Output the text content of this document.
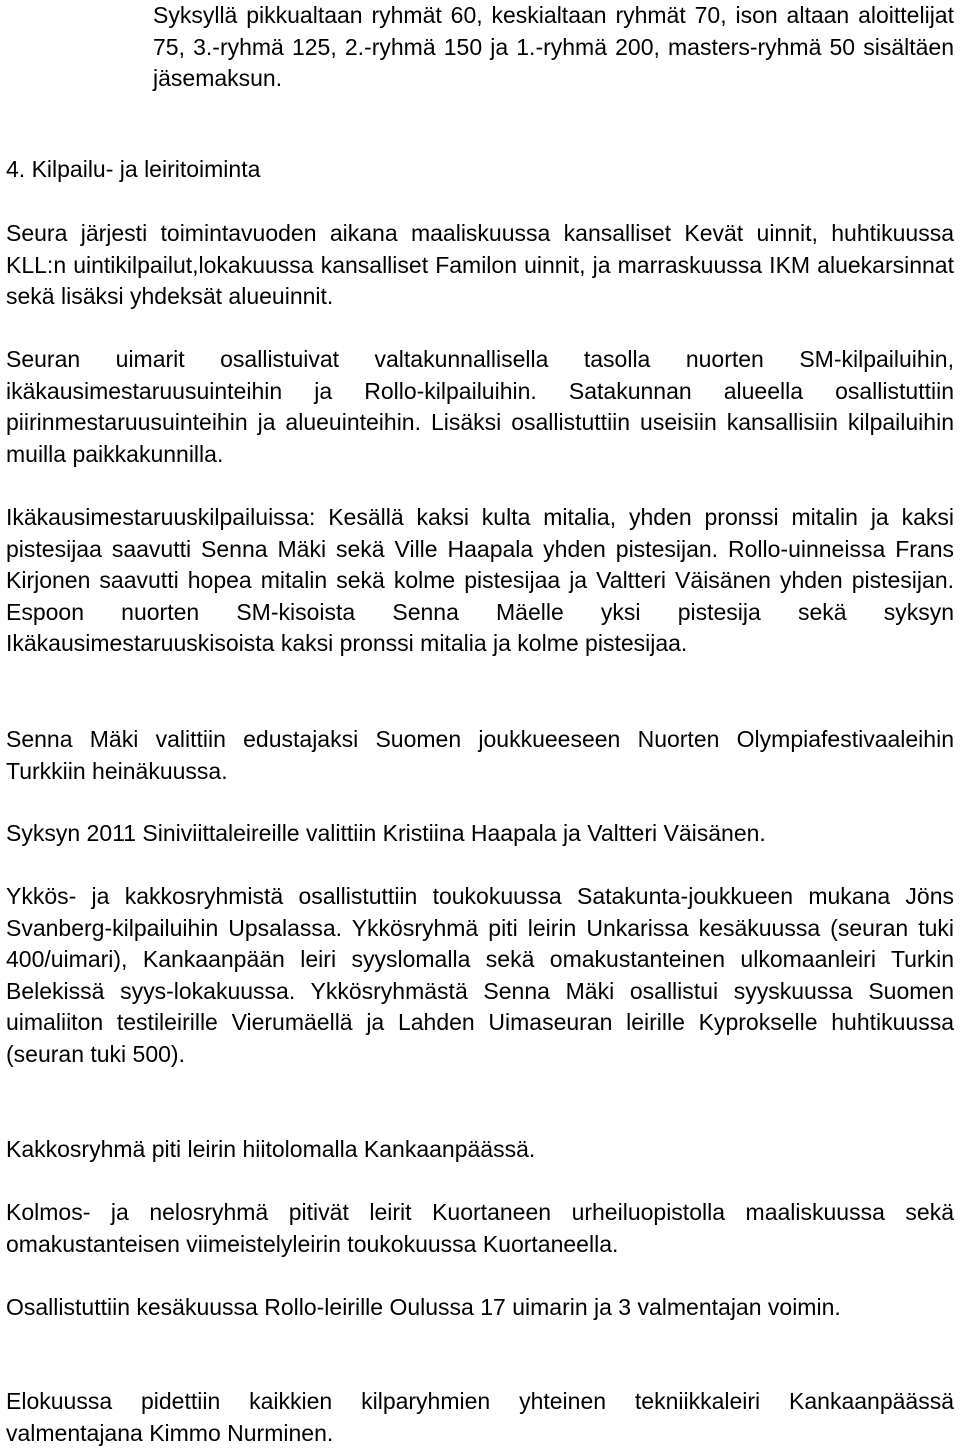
Syksyllä pikkualtaan ryhmät 60, keskialtaan ryhmät 70, ison altaan aloittelijat 75, 3.-ryhmä 125, 2.-ryhmä 150 ja 1.-ryhmä 200, masters-ryhmä 50 sisältäen jäsemaksun.

4. Kilpailu- ja leiritoiminta

Seura järjesti toimintavuoden aikana maaliskuussa kansalliset Kevät uinnit, huhtikuussa KLL:n uintikilpailut,lokakuussa kansalliset Familon uinnit, ja marraskuussa IKM aluekarsinnat sekä lisäksi yhdeksät alueuinnit.

Seuran uimarit osallistuivat valtakunnallisella tasolla nuorten SM-kilpailuihin, ikäkausimestaruusuinteihin ja Rollo-kilpailuihin. Satakunnan alueella osallistuttiin piirinmestaruusuinteihin ja alueuinteihin. Lisäksi osallistuttiin useisiin kansallisiin kilpailuihin muilla paikkakunnilla.

Ikäkausimestaruuskilpailuissa: Kesällä kaksi kulta mitalia, yhden pronssi mitalin ja kaksi pistesijaa saavutti Senna Mäki sekä Ville Haapala yhden pistesijan. Rollo-uinneissa Frans Kirjonen saavutti hopea mitalin sekä kolme pistesijaa ja Valtteri Väisänen yhden pistesijan. Espoon nuorten SM-kisoista Senna Mäelle yksi pistesija sekä syksyn Ikäkausimestaruuskisoista kaksi pronssi mitalia ja kolme pistesijaa.

Senna Mäki valittiin edustajaksi Suomen joukkueeseen Nuorten Olympiafestivaaleihin Turkkiin heinäkuussa.

Syksyn 2011 Siniviittaleireille valittiin Kristiina Haapala ja Valtteri Väisänen.

Ykkös- ja kakkosryhmistä osallistuttiin toukokuussa Satakunta-joukkueen mukana Jöns Svanberg-kilpailuihin Upsalassa. Ykkösryhmä piti leirin Unkarissa kesäkuussa (seuran tuki 400/uimari), Kankaanpään leiri syyslomalla sekä omakustanteinen ulkomaanleiri Turkin Belekissä syys-lokakuussa. Ykkösryhmästä Senna Mäki osallistui syyskuussa Suomen uimaliiton testileirille Vierumäellä ja Lahden Uimaseuran leirille Kyprokselle huhtikuussa (seuran tuki 500).

Kakkosryhmä piti leirin hiitolomalla Kankaanpäässä.

Kolmos- ja nelosryhmä pitivät leirit Kuortaneen urheiluopistolla maaliskuussa sekä omakustanteisen viimeistelyleirin toukokuussa Kuortaneella.

Osallistuttiin kesäkuussa Rollo-leirille Oulussa 17 uimarin ja 3 valmentajan voimin.

Elokuussa pidettiin kaikkien kilparyhmien yhteinen tekniikkaleiri Kankaanpäässä valmentajana Kimmo Nurminen.
